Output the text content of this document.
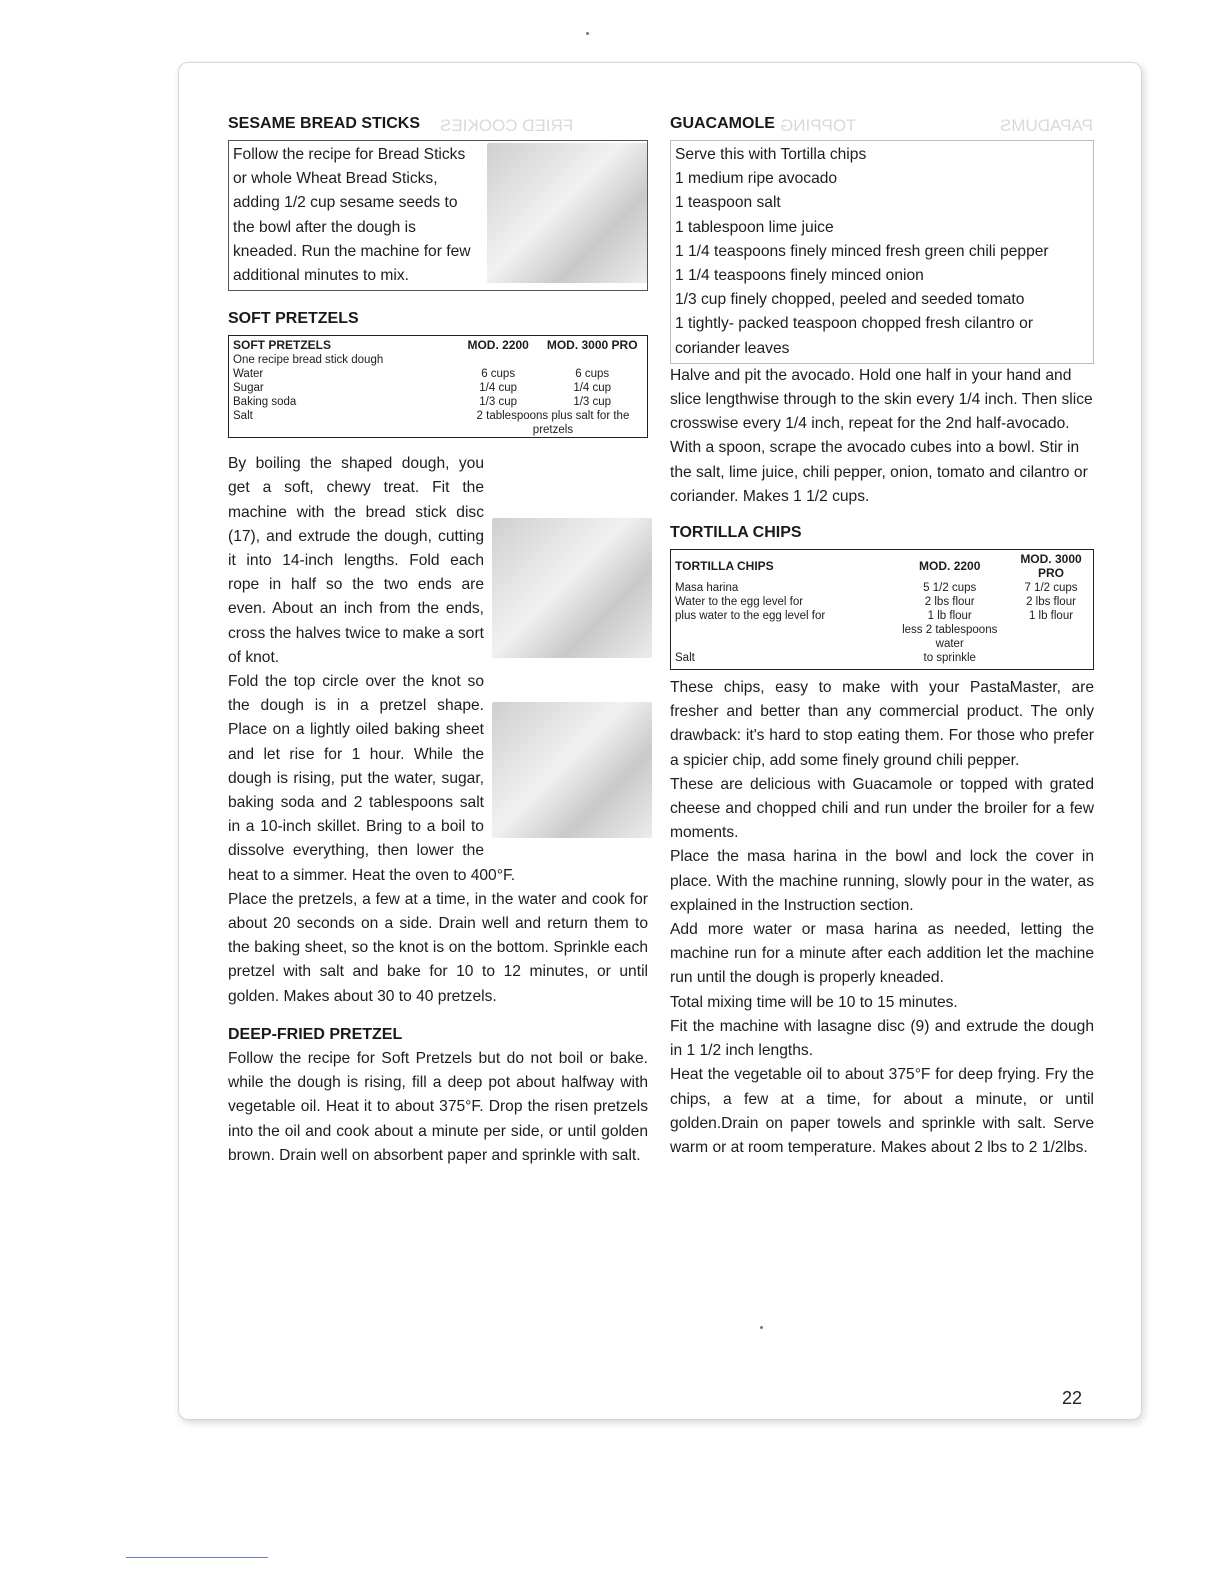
FRIED COOKIES	TOPPING	PAPADUMS
SESAME BREAD STICKS

Follow the recipe for Bread Sticks or whole Wheat Bread Sticks, adding 1/2 cup sesame seeds to the bowl after the dough is kneaded. Run the machine for few additional minutes to mix.

SOFT PRETZELS
SOFT PRETZELS	MOD. 2200	MOD. 3000 PRO
One recipe bread stick dough		
Water	6 cups	6 cups
Sugar	1/4 cup	1/4 cup
Baking soda	1/3 cup	1/3 cup
Salt	2 tablespoons plus salt for the pretzels	

By boiling the shaped dough, you get a soft, chewy treat. Fit the machine with the bread stick disc (17), and extrude the dough, cutting it into 14-inch lengths. Fold each rope in half so the two ends are even. About an inch from the ends, cross the halves twice to make a sort of knot.

Fold the top circle over the knot so the dough is in a pretzel shape. Place on a lightly oiled baking sheet and let rise for 1 hour. While the dough is rising, put the water, sugar, baking soda and 2 tablespoons salt in a 10-inch skillet. Bring to a boil to dissolve everything, then lower the heat to a simmer. Heat the oven to 400°F.

Place the pretzels, a few at a time, in the water and cook for about 20 seconds on a side. Drain well and return them to the baking sheet, so the knot is on the bottom. Sprinkle each pretzel with salt and bake for 10 to 12 minutes, or until golden. Makes about 30 to 40 pretzels.

DEEP-FRIED PRETZEL

Follow the recipe for Soft Pretzels but do not boil or bake. while the dough is rising, fill a deep pot about halfway with vegetable oil. Heat it to about 375°F. Drop the risen pretzels into the oil and cook about a minute per side, or until golden brown. Drain well on absorbent paper and sprinkle with salt.

GUACAMOLE

Serve this with Tortilla chips

1 medium ripe avocado

1 teaspoon salt

1 tablespoon lime juice

1 1/4 teaspoons finely minced fresh green chili pepper

1 1/4 teaspoons finely minced onion

1/3 cup finely chopped, peeled and seeded tomato

1 tightly- packed teaspoon chopped fresh cilantro or coriander leaves

Halve and pit the avocado. Hold one half in your hand and slice lengthwise through to the skin every 1/4 inch. Then slice crosswise every 1/4 inch, repeat for the 2nd half-avocado. With a spoon, scrape the avocado cubes into a bowl. Stir in the salt, lime juice, chili pepper, onion, tomato and cilantro or coriander. Makes 1 1/2 cups.

TORTILLA CHIPS
TORTILLA CHIPS	MOD. 2200	MOD. 3000 PRO
Masa harina	5 1/2 cups	7 1/2 cups
Water to the egg level for	2 lbs flour	2 lbs flour
plus water to the egg level for	1 lb flour	1 lb flour
	less 2 tablespoons water	
Salt	to sprinkle	

These chips, easy to make with your PastaMaster, are fresher and better than any commercial product. The only drawback: it's hard to stop eating them. For those who prefer a spicier chip, add some finely ground chili pepper.

These are delicious with Guacamole or topped with grated cheese and chopped chili and run under the broiler for a few moments.

Place the masa harina in the bowl and lock the cover in place. With the machine running, slowly pour in the water, as explained in the Instruction section.

Add more water or masa harina as needed, letting the machine run for a minute after each addition let the machine run until the dough is properly kneaded.

Total mixing time will be 10 to 15 minutes.

Fit the machine with lasagne disc (9) and extrude the dough in 1 1/2 inch lengths.

Heat the vegetable oil to about 375°F for deep frying. Fry the chips, a few at a time, for about a minute, or until golden.Drain on paper towels and sprinkle with salt. Serve warm or at room temperature. Makes about 2 lbs to 2 1/2lbs.

22
